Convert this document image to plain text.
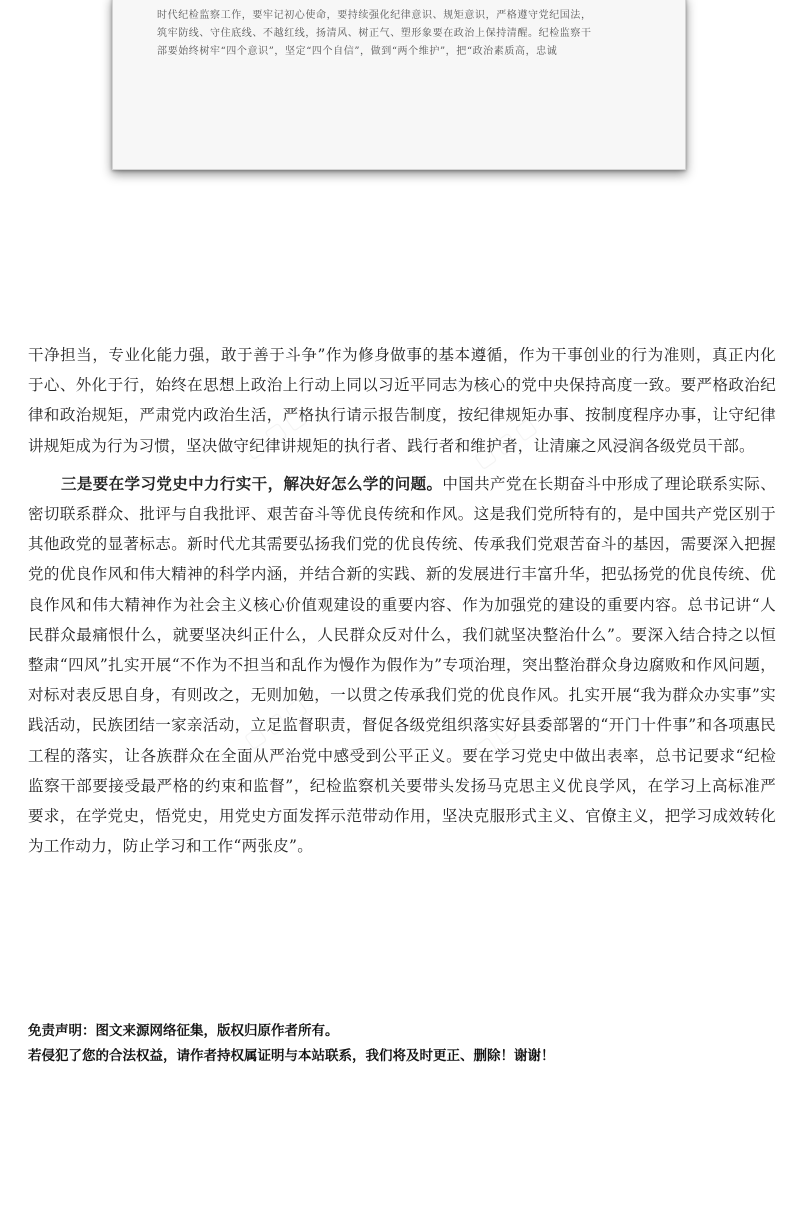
时代纪检监察工作，要牢记初心使命，要持续强化纪律意识、规矩意识，严格遵守党纪国法，
筑牢防线、守住底线、不越红线，扬清风、树正气、塑形象要在政治上保持清醒。纪检监察干
部要始终树牢“四个意识”，坚定“四个自信”，做到“两个维护”，把“政治素质高，忠诚

干净担当，专业化能力强，敢于善于斗争”作为修身做事的基本遵循，作为干事创业的行为准则，真正内化于心、外化于行，始终在思想上政治上行动上同以习近平同志为核心的党中央保持高度一致。要严格政治纪律和政治规矩，严肃党内政治生活，严格执行请示报告制度，按纪律规矩办事、按制度程序办事，让守纪律讲规矩成为行为习惯，坚决做守纪律讲规矩的执行者、践行者和维护者，让清廉之风浸润各级党员干部。

三是要在学习党史中力行实干，解决好怎么学的问题。中国共产党在长期奋斗中形成了理论联系实际、密切联系群众、批评与自我批评、艰苦奋斗等优良传统和作风。这是我们党所特有的，是中国共产党区别于其他政党的显著标志。新时代尤其需要弘扬我们党的优良传统、传承我们党艰苦奋斗的基因，需要深入把握党的优良作风和伟大精神的科学内涵，并结合新的实践、新的发展进行丰富升华，把弘扬党的优良传统、优良作风和伟大精神作为社会主义核心价值观建设的重要内容、作为加强党的建设的重要内容。总书记讲“人民群众最痛恨什么，就要坚决纠正什么，人民群众反对什么，我们就坚决整治什么”。要深入结合持之以恒整肃“四风”扎实开展“不作为不担当和乱作为慢作为假作为”专项治理，突出整治群众身边腐败和作风问题，对标对表反思自身，有则改之，无则加勉，一以贯之传承我们党的优良作风。扎实开展“我为群众办实事”实践活动，民族团结一家亲活动，立足监督职责，督促各级党组织落实好县委部署的“开门十件事”和各项惠民工程的落实，让各族群众在全面从严治党中感受到公平正义。要在学习党史中做出表率，总书记要求“纪检监察干部要接受最严格的约束和监督”，纪检监察机关要带头发扬马克思主义优良学风，在学习上高标准严要求，在学党史，悟党史，用党史方面发挥示范带动作用，坚决克服形式主义、官僚主义，把学习成效转化为工作动力，防止学习和工作“两张皮”。

免责声明：图文来源网络征集，版权归原作者所有。
若侵犯了您的合法权益，请作者持权属证明与本站联系，我们将及时更正、删除！谢谢！
